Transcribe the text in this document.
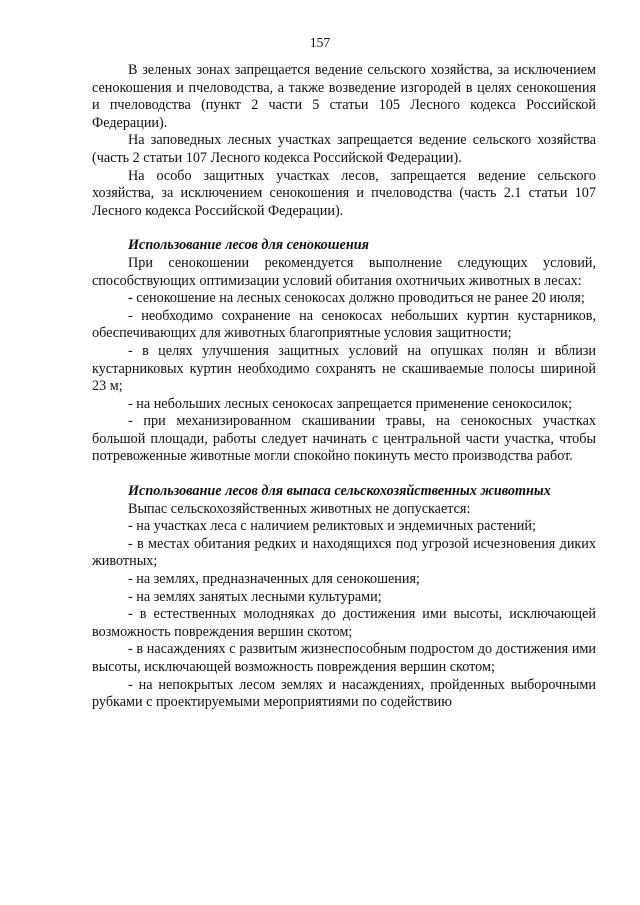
157

В зеленых зонах запрещается ведение сельского хозяйства, за исключением сенокошения и пчеловодства, а также возведение изгородей в целях сенокошения и пчеловодства (пункт 2 части 5 статьи 105 Лесного кодекса Российской Федерации).

На заповедных лесных участках запрещается ведение сельского хозяйства (часть 2 статьи 107 Лесного кодекса Российской Федерации).

На особо защитных участках лесов, запрещается ведение сельского хозяйства, за исключением сенокошения и пчеловодства (часть 2.1 статьи 107 Лесного кодекса Российской Федерации).

Использование лесов для сенокошения

При сенокошении рекомендуется выполнение следующих условий, способствующих оптимизации условий обитания охотничьих животных в лесах:

- сенокошение на лесных сенокосах должно проводиться не ранее 20 июля;

- необходимо сохранение на сенокосах небольших куртин кустарников, обеспечивающих для животных благоприятные условия защитности;

- в целях улучшения защитных условий на опушках полян и вблизи кустарниковых куртин необходимо сохранять не скашиваемые полосы шириной 23 м;

- на небольших лесных сенокосах запрещается применение сенокосилок;

- при механизированном скашивании травы, на сенокосных участках большой площади, работы следует начинать с центральной части участка, чтобы потревоженные животные могли спокойно покинуть место производства работ.

Использование лесов для выпаса сельскохозяйственных животных

Выпас сельскохозяйственных животных не допускается:

- на участках леса с наличием реликтовых и эндемичных растений;

- в местах обитания редких и находящихся под угрозой исчезновения диких животных;

- на землях, предназначенных для сенокошения;

- на землях занятых лесными культурами;

- в естественных молодняках до достижения ими высоты, исключающей возможность повреждения вершин скотом;

- в насаждениях с развитым жизнеспособным подростом до достижения ими высоты, исключающей возможность повреждения вершин скотом;

- на непокрытых лесом землях и насаждениях, пройденных выборочными рубками с проектируемыми мероприятиями по содействию
